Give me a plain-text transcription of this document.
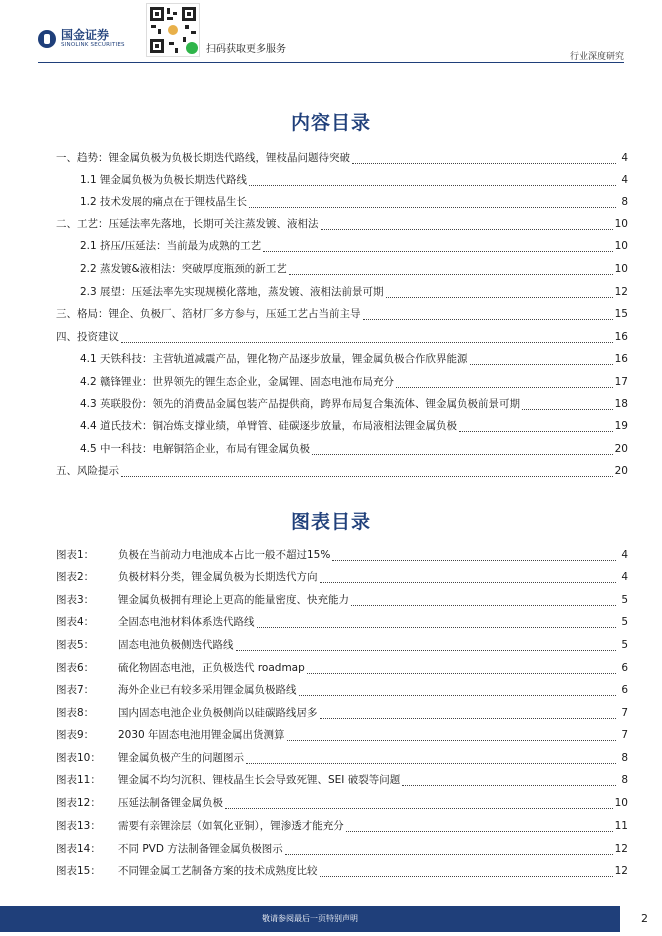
国金证券
SINOLINK SECURITIES	扫码获取更多服务
行业深度研究
内容目录
一、趋势：锂金属负极为负极长期迭代路线，锂枝晶问题待突破	4
1.1 锂金属负极为负极长期迭代路线	4
1.2 技术发展的痛点在于锂枝晶生长	8
二、工艺：压延法率先落地，长期可关注蒸发镀、液相法	10
2.1 挤压/压延法：当前最为成熟的工艺	10
2.2 蒸发镀&液相法：突破厚度瓶颈的新工艺	10
2.3 展望：压延法率先实现规模化落地，蒸发镀、液相法前景可期	12
三、格局：锂企、负极厂、箔材厂多方参与，压延工艺占当前主导	15
四、投资建议	16
4.1 天铁科技：主营轨道减震产品，锂化物产品逐步放量，锂金属负极合作欣界能源	16
4.2 赣锋锂业：世界领先的锂生态企业，金属锂、固态电池布局充分	17
4.3 英联股份：领先的消费品金属包装产品提供商，跨界布局复合集流体、锂金属负极前景可期	18
4.4 道氏技术：铜冶炼支撑业绩，单臂管、硅碳逐步放量，布局液相法锂金属负极	19
4.5 中一科技：电解铜箔企业，布局有锂金属负极	20
五、风险提示	20
图表目录
图表1：	负极在当前动力电池成本占比一般不超过15%	4
图表2：	负极材料分类，锂金属负极为长期迭代方向	4
图表3：	锂金属负极拥有理论上更高的能量密度、快充能力	5
图表4：	全固态电池材料体系迭代路线	5
图表5：	固态电池负极侧迭代路线	5
图表6：	硫化物固态电池，正负极迭代 roadmap	6
图表7：	海外企业已有较多采用锂金属负极路线	6
图表8：	国内固态电池企业负极侧尚以硅碳路线居多	7
图表9：	2030 年固态电池用锂金属出货测算	7
图表10：	锂金属负极产生的问题图示	8
图表11：	锂金属不均匀沉积、锂枝晶生长会导致死锂、SEI 破裂等问题	8
图表12：	压延法制备锂金属负极	10
图表13：	需要有亲锂涂层（如氧化亚铜），锂渗透才能充分	11
图表14：	不同 PVD 方法制备锂金属负极图示	12
图表15：	不同锂金属工艺制备方案的技术成熟度比较	12
敬请参阅最后一页特别声明	2
